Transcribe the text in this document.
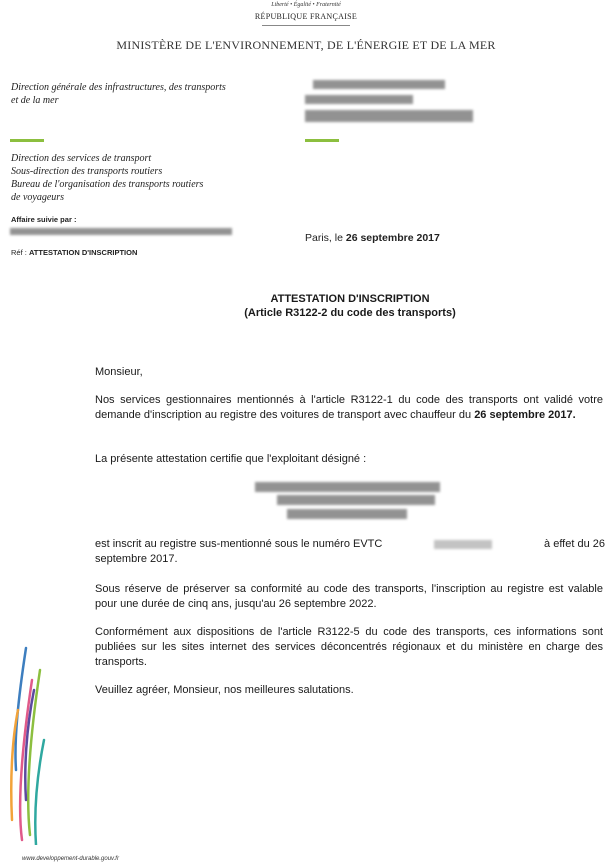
Liberté • Égalité • Fraternité
RÉPUBLIQUE FRANÇAISE
MINISTÈRE DE L'ENVIRONNEMENT, DE L'ÉNERGIE ET DE LA MER
Direction générale des infrastructures, des transports
et de la mer
Direction des services de transport
Sous-direction des transports routiers
Bureau de l'organisation des transports routiers
de voyageurs
Affaire suivie par :
Réf : ATTESTATION D'INSCRIPTION
Paris, le 26 septembre 2017
ATTESTATION D'INSCRIPTION
(Article R3122-2 du code des transports)
Monsieur,
Nos services gestionnaires mentionnés à l'article R3122-1 du code des transports ont validé votre demande d'inscription au registre des voitures de transport avec chauffeur du 26 septembre 2017.
La présente attestation certifie que l'exploitant désigné :
est inscrit au registre sus-mentionné sous le numéro EVTC	à effet du 26
septembre 2017.
Sous réserve de préserver sa conformité au code des transports, l'inscription au registre est valable pour une durée de cinq ans, jusqu'au 26 septembre 2022.
Conformément aux dispositions de l'article R3122-5 du code des transports, ces informations sont publiées sur les sites internet des services déconcentrés régionaux et du ministère en charge des transports.
Veuillez agréer, Monsieur, nos meilleures salutations.
www.developpement-durable.gouv.fr
